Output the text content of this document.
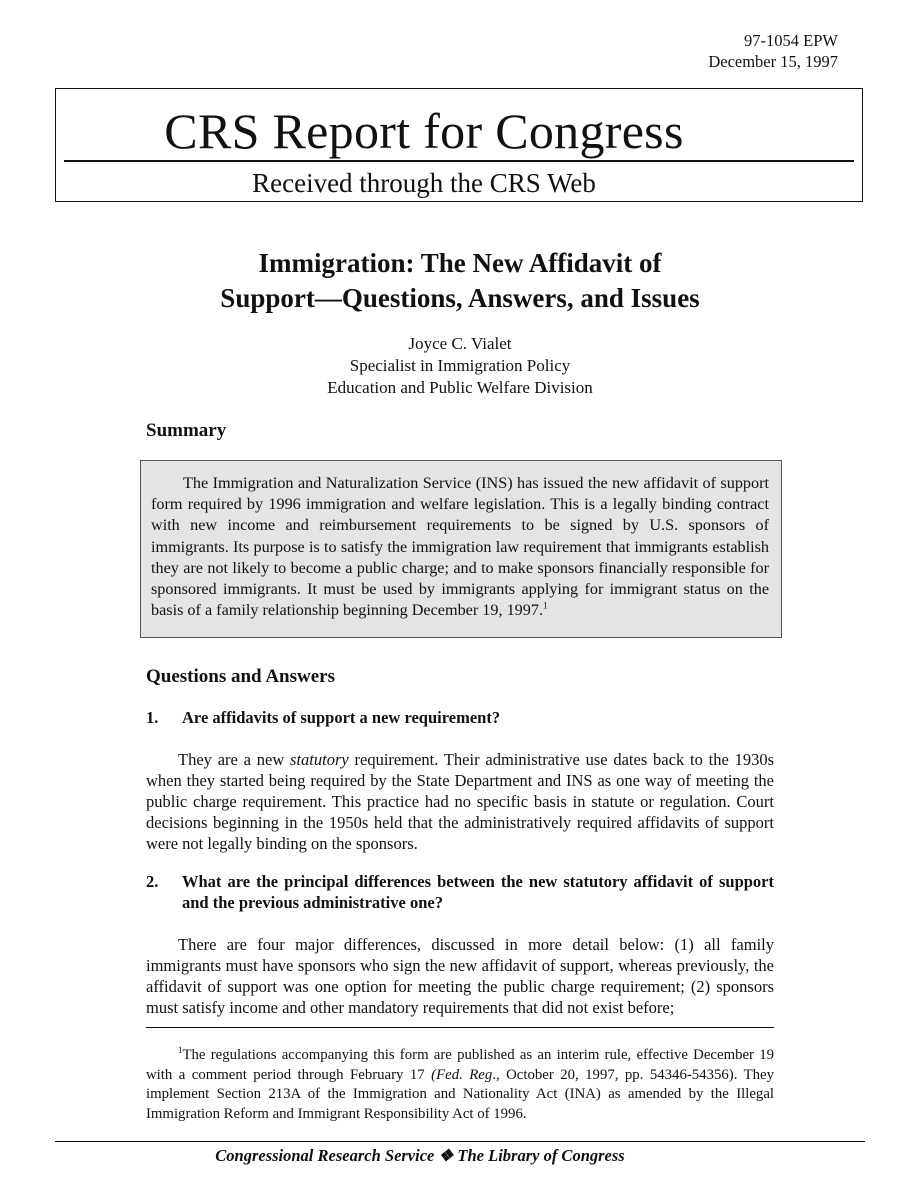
97-1054 EPW
December 15, 1997
CRS Report for Congress
Received through the CRS Web
Immigration: The New Affidavit of
Support—Questions, Answers, and Issues
Joyce C. Vialet
Specialist in Immigration Policy
Education and Public Welfare Division
Summary
The Immigration and Naturalization Service (INS) has issued the new affidavit of support form required by 1996 immigration and welfare legislation. This is a legally binding contract with new income and reimbursement requirements to be signed by U.S. sponsors of immigrants. Its purpose is to satisfy the immigration law requirement that immigrants establish they are not likely to become a public charge; and to make sponsors financially responsible for sponsored immigrants. It must be used by immigrants applying for immigrant status on the basis of a family relationship beginning December 19, 1997.$^1$
Questions and Answers
1. Are affidavits of support a new requirement?
They are a new statutory requirement. Their administrative use dates back to the 1930s when they started being required by the State Department and INS as one way of meeting the public charge requirement. This practice had no specific basis in statute or regulation. Court decisions beginning in the 1950s held that the administratively required affidavits of support were not legally binding on the sponsors.
2. What are the principal differences between the new statutory affidavit of support and the previous administrative one?
There are four major differences, discussed in more detail below: (1) all family immigrants must have sponsors who sign the new affidavit of support, whereas previously, the affidavit of support was one option for meeting the public charge requirement; (2) sponsors must satisfy income and other mandatory requirements that did not exist before;
$^1$The regulations accompanying this form are published as an interim rule, effective December 19 with a comment period through February 17 (Fed. Reg., October 20, 1997, pp. 54346-54356). They implement Section 213A of the Immigration and Nationality Act (INA) as amended by the Illegal Immigration Reform and Immigrant Responsibility Act of 1996.
Congressional Research Service ❖ The Library of Congress
